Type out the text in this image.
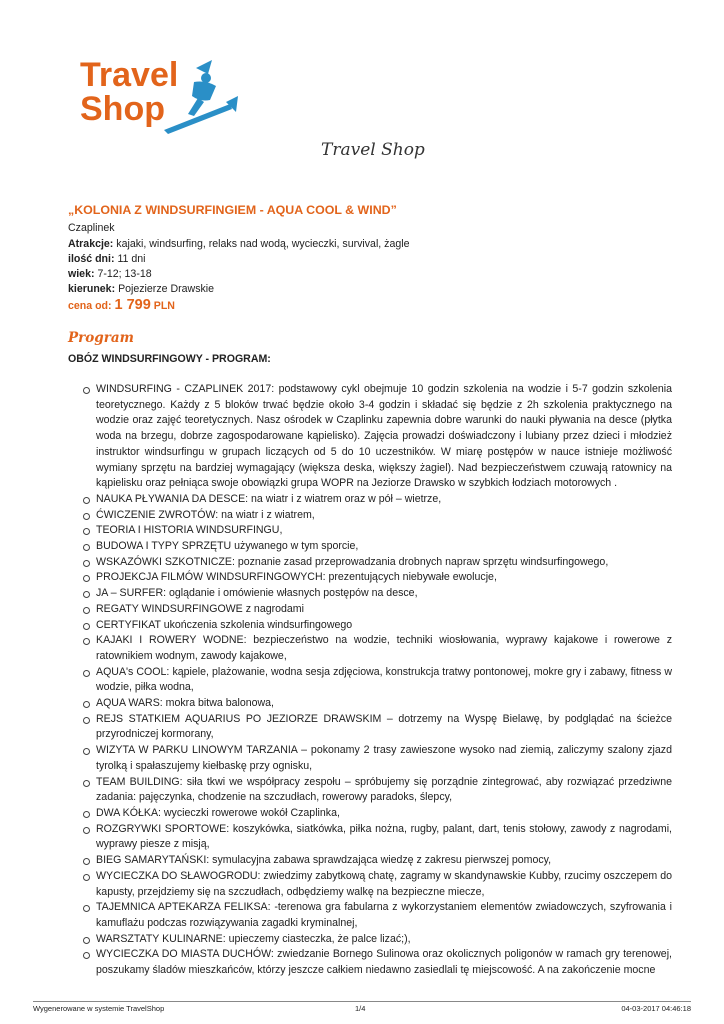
Travel
Shop
Travel Shop
„KOLONIA Z WINDSURFINGIEM - AQUA COOL & WIND”
Czaplinek
Atrakcje: kajaki, windsurfing, relaks nad wodą, wycieczki, survival, żagle
ilość dni: 11 dni
wiek: 7-12; 13-18
kierunek: Pojezierze Drawskie
cena od: 1 799 PLN
Program
OBÓZ WINDSURFINGOWY - PROGRAM:
WINDSURFING - CZAPLINEK 2017: podstawowy cykl obejmuje 10 godzin szkolenia na wodzie i 5-7 godzin szkolenia teoretycznego. Każdy z 5 bloków trwać będzie około 3-4 godzin i składać się będzie z 2h szkolenia praktycznego na wodzie oraz zajęć teoretycznych. Nasz ośrodek w Czaplinku zapewnia dobre warunki do nauki pływania na desce (płytka woda na brzegu, dobrze zagospodarowane kąpielisko). Zajęcia prowadzi doświadczony i lubiany przez dzieci i młodzież instruktor windsurfingu w grupach liczących od 5 do 10 uczestników. W miarę postępów w nauce istnieje możliwość wymiany sprzętu na bardziej wymagający (większa deska, większy żagiel). Nad bezpieczeństwem czuwają ratownicy na kąpielisku oraz pełniąca swoje obowiązki grupa WOPR na Jeziorze Drawsko w szybkich łodziach motorowych .
NAUKA PŁYWANIA DA DESCE: na wiatr i z wiatrem oraz w pół – wietrze,
ĆWICZENIE ZWROTÓW: na wiatr i z wiatrem,
TEORIA I HISTORIA WINDSURFINGU,
BUDOWA I TYPY SPRZĘTU używanego w tym sporcie,
WSKAZÓWKI SZKOTNICZE: poznanie zasad przeprowadzania drobnych napraw sprzętu windsurfingowego,
PROJEKCJA FILMÓW WINDSURFINGOWYCH: prezentujących niebywałe ewolucje,
JA – SURFER: oglądanie i omówienie własnych postępów na desce,
REGATY WINDSURFINGOWE z nagrodami
CERTYFIKAT ukończenia szkolenia windsurfingowego
KAJAKI I ROWERY WODNE: bezpieczeństwo na wodzie, techniki wiosłowania, wyprawy kajakowe i rowerowe z ratownikiem wodnym, zawody kajakowe,
AQUA's COOL: kąpiele, plażowanie, wodna sesja zdjęciowa, konstrukcja tratwy pontonowej, mokre gry i zabawy, fitness w wodzie, piłka wodna,
AQUA WARS: mokra bitwa balonowa,
REJS STATKIEM AQUARIUS PO JEZIORZE DRAWSKIM – dotrzemy na Wyspę Bielawę, by podglądać na ścieżce przyrodniczej kormorany,
WIZYTA W PARKU LINOWYM TARZANIA – pokonamy 2 trasy zawieszone wysoko nad ziemią, zaliczymy szalony zjazd tyrolką i spałaszujemy kiełbaskę przy ognisku,
TEAM BUILDING: siła tkwi we współpracy zespołu – spróbujemy się porządnie zintegrować, aby rozwiązać przedziwne zadania: pajęczynka, chodzenie na szczudłach, rowerowy paradoks, ślepcy,
DWA KÓŁKA: wycieczki rowerowe wokół Czaplinka,
ROZGRYWKI SPORTOWE: koszykówka, siatkówka, piłka nożna, rugby, palant, dart, tenis stołowy, zawody z nagrodami, wyprawy piesze z misją,
BIEG SAMARYTAŃSKI: symulacyjna zabawa sprawdzająca wiedzę z zakresu pierwszej pomocy,
WYCIECZKA DO SŁAWOGRODU: zwiedzimy zabytkową chatę, zagramy w skandynawskie Kubby, rzucimy oszczepem do kapusty, przejdziemy się na szczudłach, odbędziemy walkę na bezpieczne miecze,
TAJEMNICA APTEKARZA FELIKSA: -terenowa gra fabularna z wykorzystaniem elementów zwiadowczych, szyfrowania i kamuflażu podczas rozwiązywania zagadki kryminalnej,
WARSZTATY KULINARNE: upieczemy ciasteczka, że palce lizać;),
WYCIECZKA DO MIASTA DUCHÓW: zwiedzanie Bornego Sulinowa oraz okolicznych poligonów w ramach gry terenowej, poszukamy śladów mieszkańców, którzy jeszcze całkiem niedawno zasiedlali tę miejscowość. A na zakończenie mocne
Wygenerowane w systemie TravelShop	1/4	04-03-2017 04:46:18
